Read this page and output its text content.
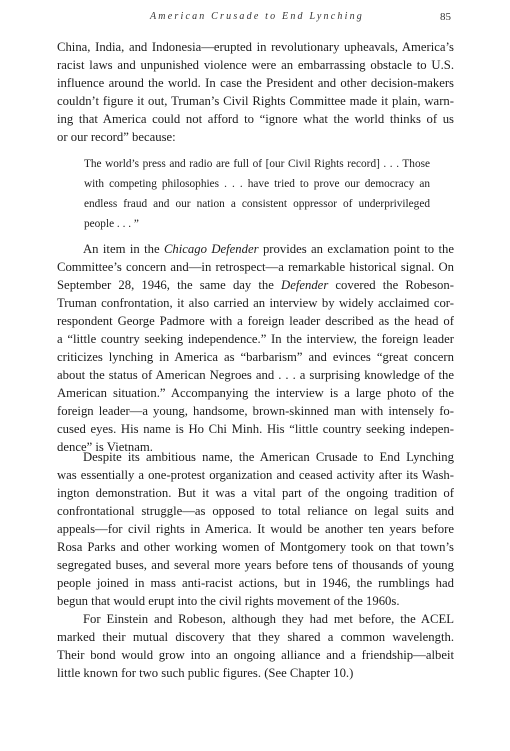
American Crusade to End Lynching	85
China, India, and Indonesia—erupted in revolutionary upheavals, America’s
racist laws and unpunished violence were an embarrassing obstacle to U.S.
influence around the world. In case the President and other decision-makers
couldn’t figure it out, Truman’s Civil Rights Committee made it plain, warn-
ing that America could not afford to “ignore what the world thinks of us
or our record” because:
The world’s press and radio are full of [our Civil Rights record] . . . Those
with competing philosophies . . . have tried to prove our democracy an
endless fraud and our nation a consistent oppressor of underprivileged
people . . . ”
An item in the Chicago Defender provides an exclamation point to the
Committee’s concern and—in retrospect—a remarkable historical signal. On
September 28, 1946, the same day the Defender covered the Robeson-
Truman confrontation, it also carried an interview by widely acclaimed cor-
respondent George Padmore with a foreign leader described as the head of
a “little country seeking independence.” In the interview, the foreign leader
criticizes lynching in America as “barbarism” and evinces “great concern
about the status of American Negroes and . . . a surprising knowledge of the
American situation.” Accompanying the interview is a large photo of the
foreign leader—a young, handsome, brown-skinned man with intensely fo-
cused eyes. His name is Ho Chi Minh. His “little country seeking indepen-
dence” is Vietnam.
Despite its ambitious name, the American Crusade to End Lynching
was essentially a one-protest organization and ceased activity after its Wash-
ington demonstration. But it was a vital part of the ongoing tradition of
confrontational struggle—as opposed to total reliance on legal suits and
appeals—for civil rights in America. It would be another ten years before
Rosa Parks and other working women of Montgomery took on that town’s
segregated buses, and several more years before tens of thousands of young
people joined in mass anti-racist actions, but in 1946, the rumblings had
begun that would erupt into the civil rights movement of the 1960s.
For Einstein and Robeson, although they had met before, the ACEL
marked their mutual discovery that they shared a common wavelength.
Their bond would grow into an ongoing alliance and a friendship—albeit
little known for two such public figures. (See Chapter 10.)
